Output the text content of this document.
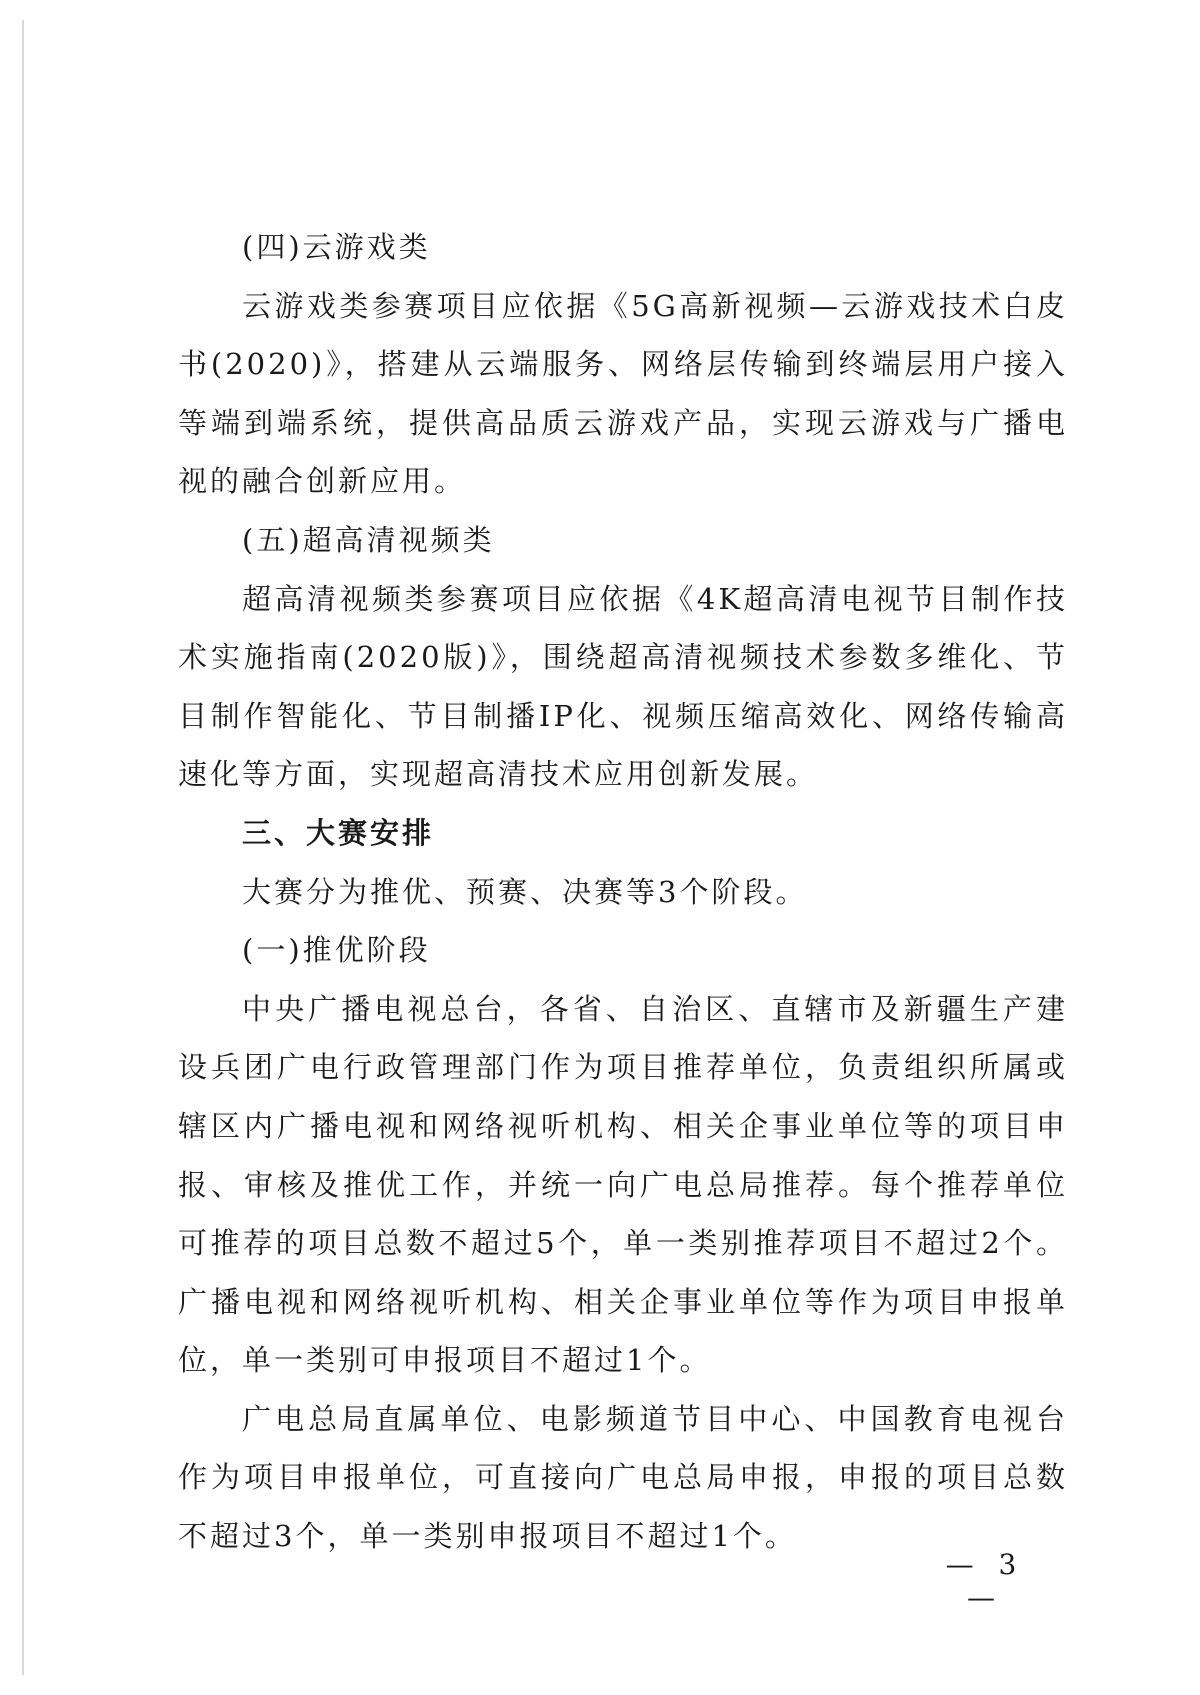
(四)云游戏类

云游戏类参赛项目应依据《5G高新视频—云游戏技术白皮书(2020)》，搭建从云端服务、网络层传输到终端层用户接入等端到端系统，提供高品质云游戏产品，实现云游戏与广播电视的融合创新应用。

(五)超高清视频类

超高清视频类参赛项目应依据《4K超高清电视节目制作技术实施指南(2020版)》，围绕超高清视频技术参数多维化、节目制作智能化、节目制播IP化、视频压缩高效化、网络传输高速化等方面，实现超高清技术应用创新发展。

三、大赛安排

大赛分为推优、预赛、决赛等3个阶段。

(一)推优阶段

中央广播电视总台，各省、自治区、直辖市及新疆生产建设兵团广电行政管理部门作为项目推荐单位，负责组织所属或辖区内广播电视和网络视听机构、相关企事业单位等的项目申报、审核及推优工作，并统一向广电总局推荐。每个推荐单位可推荐的项目总数不超过5个，单一类别推荐项目不超过2个。广播电视和网络视听机构、相关企事业单位等作为项目申报单位，单一类别可申报项目不超过1个。

广电总局直属单位、电影频道节目中心、中国教育电视台作为项目申报单位，可直接向广电总局申报，申报的项目总数不超过3个，单一类别申报项目不超过1个。

— 3 —
